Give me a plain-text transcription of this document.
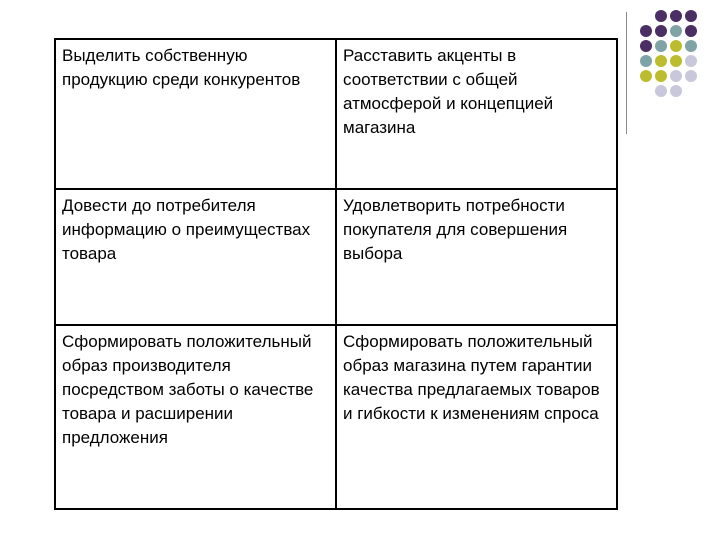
Выделить собственную продукцию среди конкурентов	Расставить акценты в соответствии с общей атмосферой и концепцией магазина
Довести до потребителя информацию о преимуществах товара	Удовлетворить потребности покупателя для совершения выбора
Сформировать положительный образ производителя посредством заботы о качестве товара и расширении предложения	Сформировать положительный образ магазина путем гарантии качества предлагаемых товаров и гибкости к изменениям спроса
